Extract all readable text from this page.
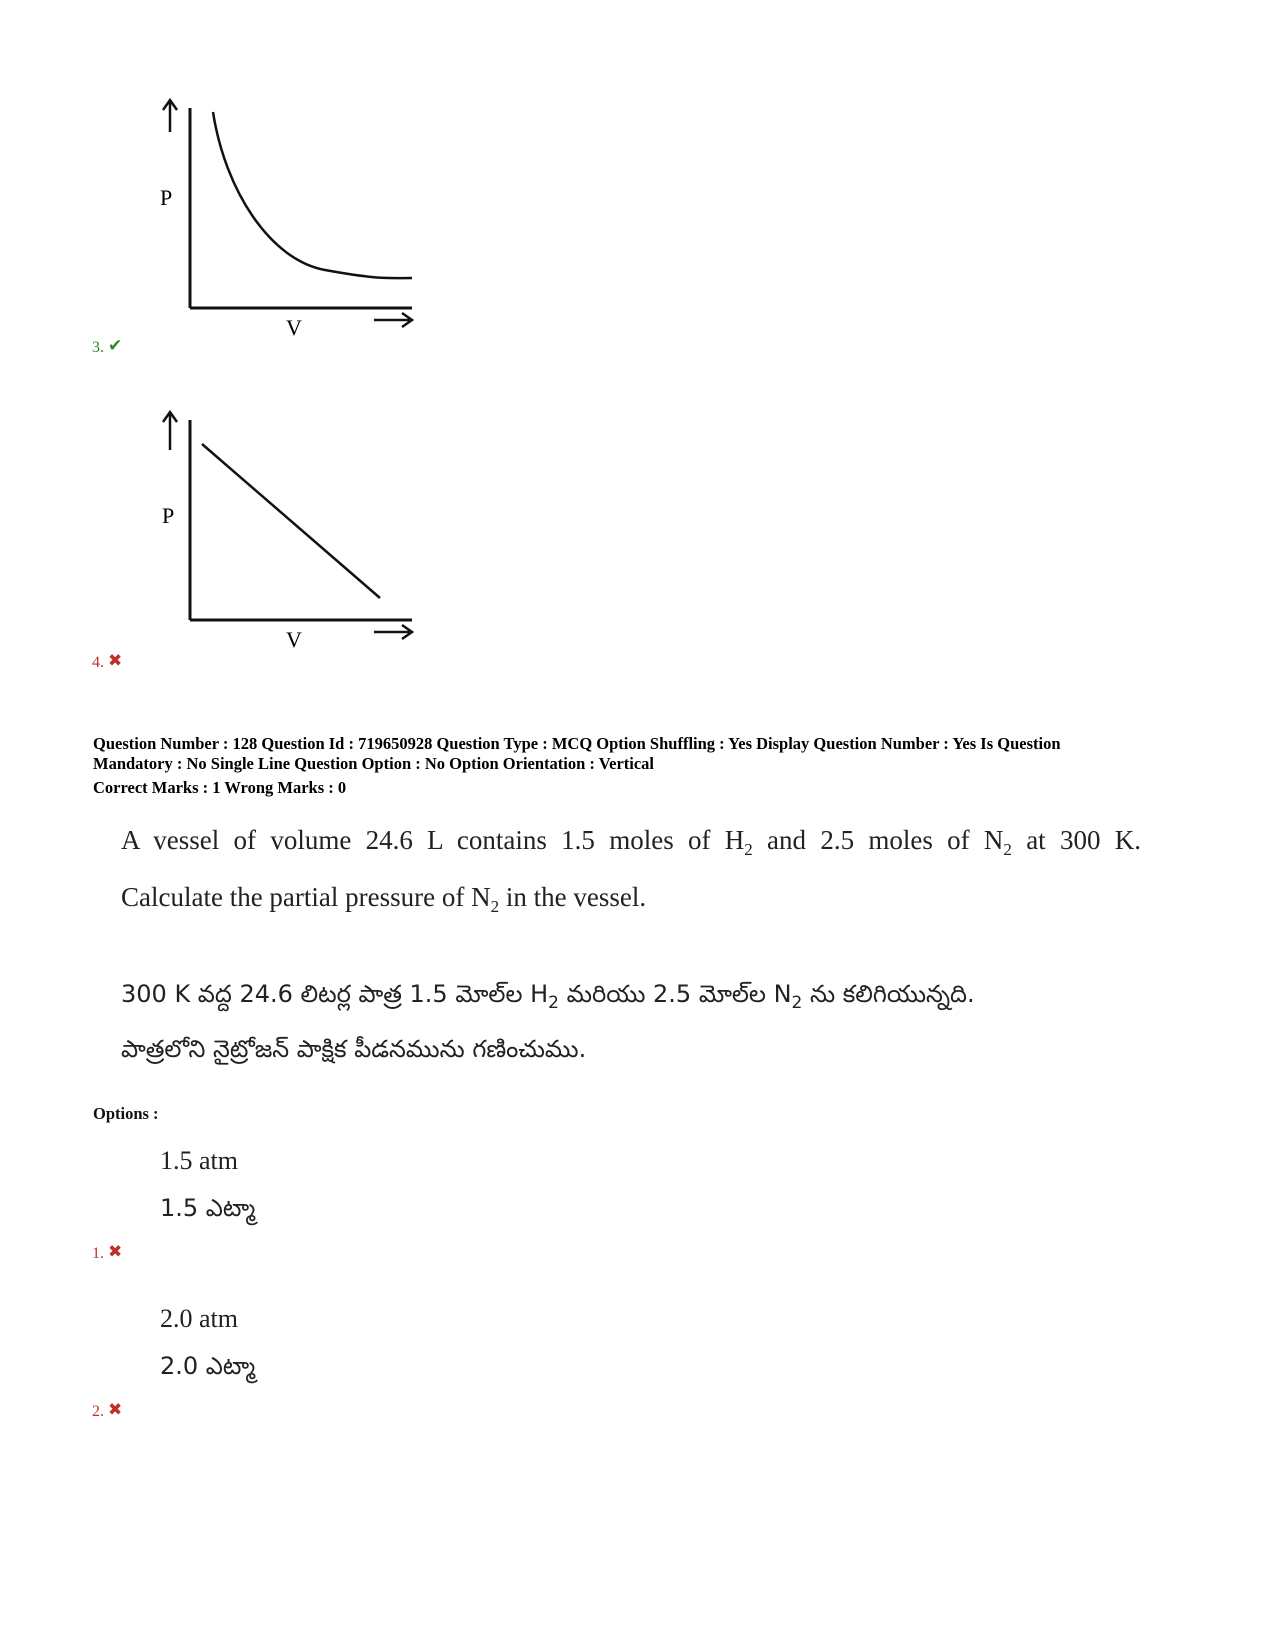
P
V
3. ✔
P
V
4. ✖
Question Number : 128 Question Id : 719650928 Question Type : MCQ Option Shuffling : Yes Display Question Number : Yes Is Question
Mandatory : No Single Line Question Option : No Option Orientation : Vertical
Correct Marks : 1 Wrong Marks : 0
A vessel of volume 24.6 L contains 1.5 moles of $H_2$ and 2.5 moles of $N_2$ at 300 K.
Calculate the partial pressure of $N_2$ in the vessel.
300 K వద్ద 24.6 లిటర్ల పాత్ర 1.5 మోల్‌ల $H_2$ మరియు 2.5 మోల్‌ల $N_2$ ను కలిగియున్నది.
పాత్రలోని నైట్రోజన్ పాక్షిక పీడనమును గణించుము.
Options :
1.5 atm
1.5 ఎట్మా
1. ✖
2.0 atm
2.0 ఎట్మా
2. ✖
